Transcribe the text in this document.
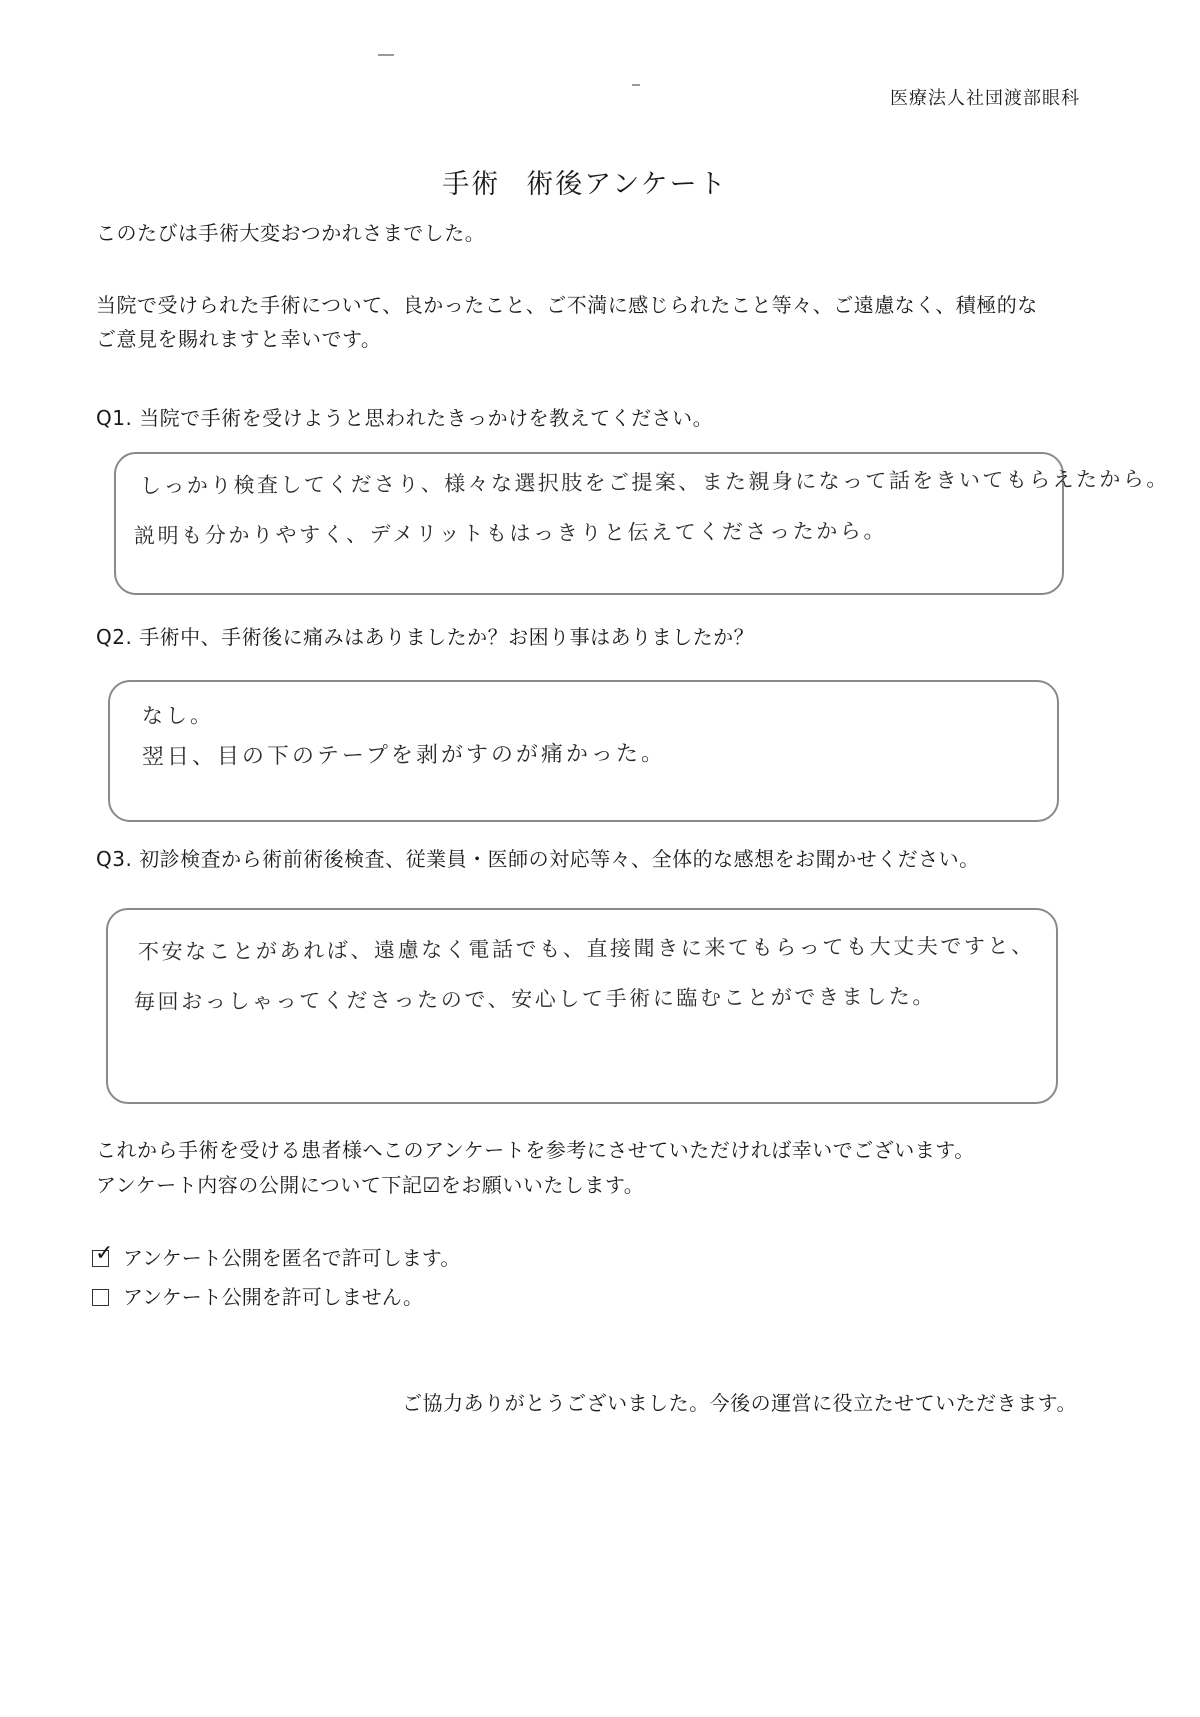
医療法人社団渡部眼科
手術 術後アンケート
このたびは手術大変おつかれさまでした。
当院で受けられた手術について、良かったこと、ご不満に感じられたこと等々、ご遠慮なく、積極的な
ご意見を賜れますと幸いです。
Q1. 当院で手術を受けようと思われたきっかけを教えてください。
しっかり検査してくださり、様々な選択肢をご提案、また親身になって話をきいてもらえたから。
説明も分かりやすく、デメリットもはっきりと伝えてくださったから。
Q2. 手術中、手術後に痛みはありましたか？お困り事はありましたか？
なし。
翌日、目の下のテープを剥がすのが痛かった。
Q3. 初診検査から術前術後検査、従業員・医師の対応等々、全体的な感想をお聞かせください。
不安なことがあれば、遠慮なく電話でも、直接聞きに来てもらっても大丈夫ですと、
毎回おっしゃってくださったので、安心して手術に臨むことができました。
これから手術を受ける患者様へこのアンケートを参考にさせていただければ幸いでございます。
アンケート内容の公開について下記☑をお願いいたします。
✓ アンケート公開を匿名で許可します。
アンケート公開を許可しません。
ご協力ありがとうございました。今後の運営に役立たせていただきます。
